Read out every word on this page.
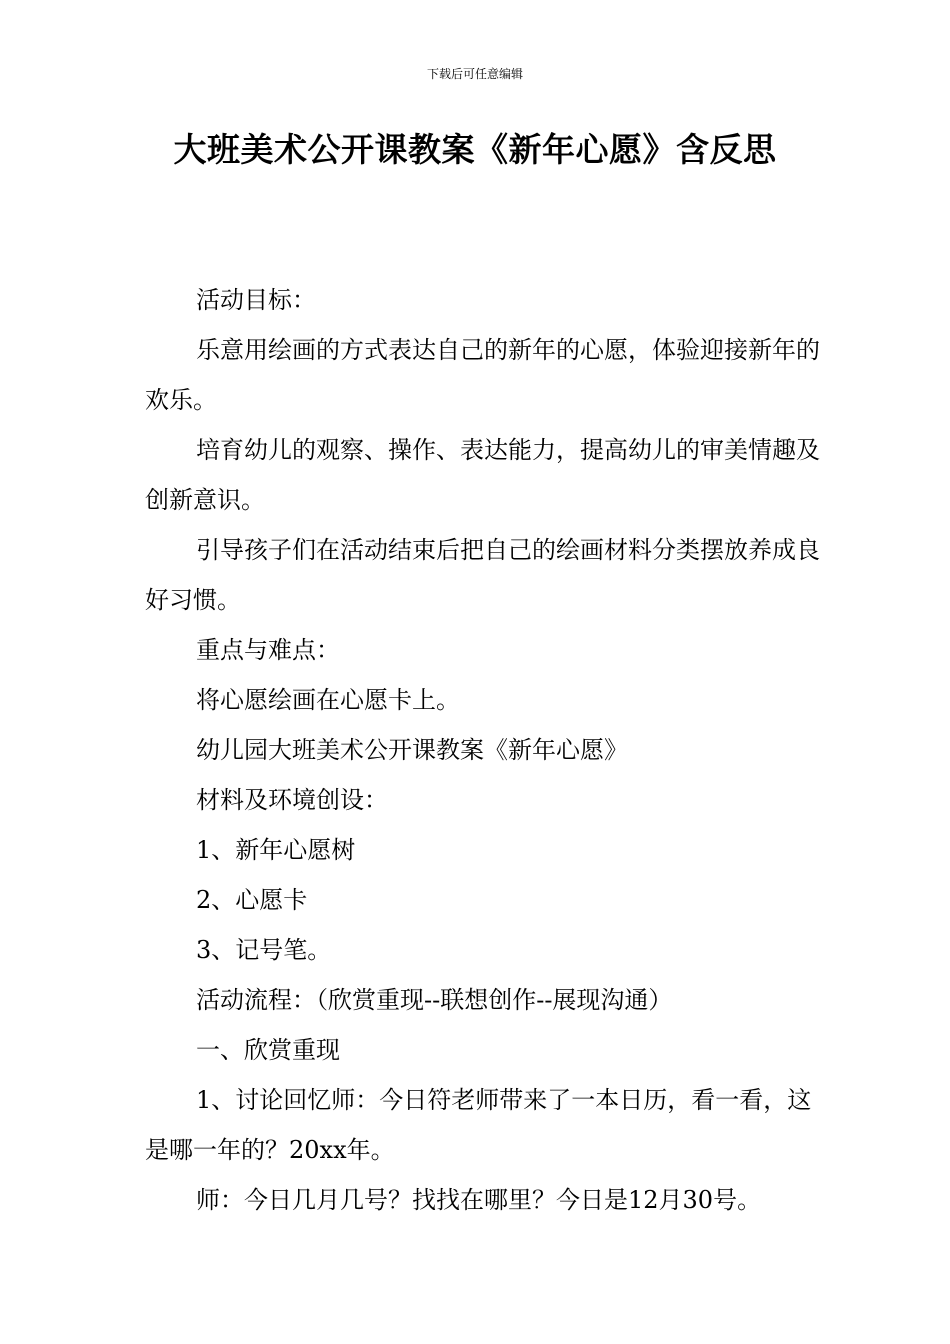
下载后可任意编辑
大班美术公开课教案《新年心愿》含反思

活动目标：

乐意用绘画的方式表达自己的新年的心愿，体验迎接新年的欢乐。

培育幼儿的观察、操作、表达能力，提高幼儿的审美情趣及创新意识。

引导孩子们在活动结束后把自己的绘画材料分类摆放养成良好习惯。

重点与难点：

将心愿绘画在心愿卡上。

幼儿园大班美术公开课教案《新年心愿》

材料及环境创设：

1、新年心愿树

2、心愿卡

3、记号笔。

活动流程：（欣赏重现--联想创作--展现沟通）

一、欣赏重现

1、讨论回忆师：今日符老师带来了一本日历，看一看，这是哪一年的？20xx年。

师：今日几月几号？找找在哪里？今日是12月30号。
